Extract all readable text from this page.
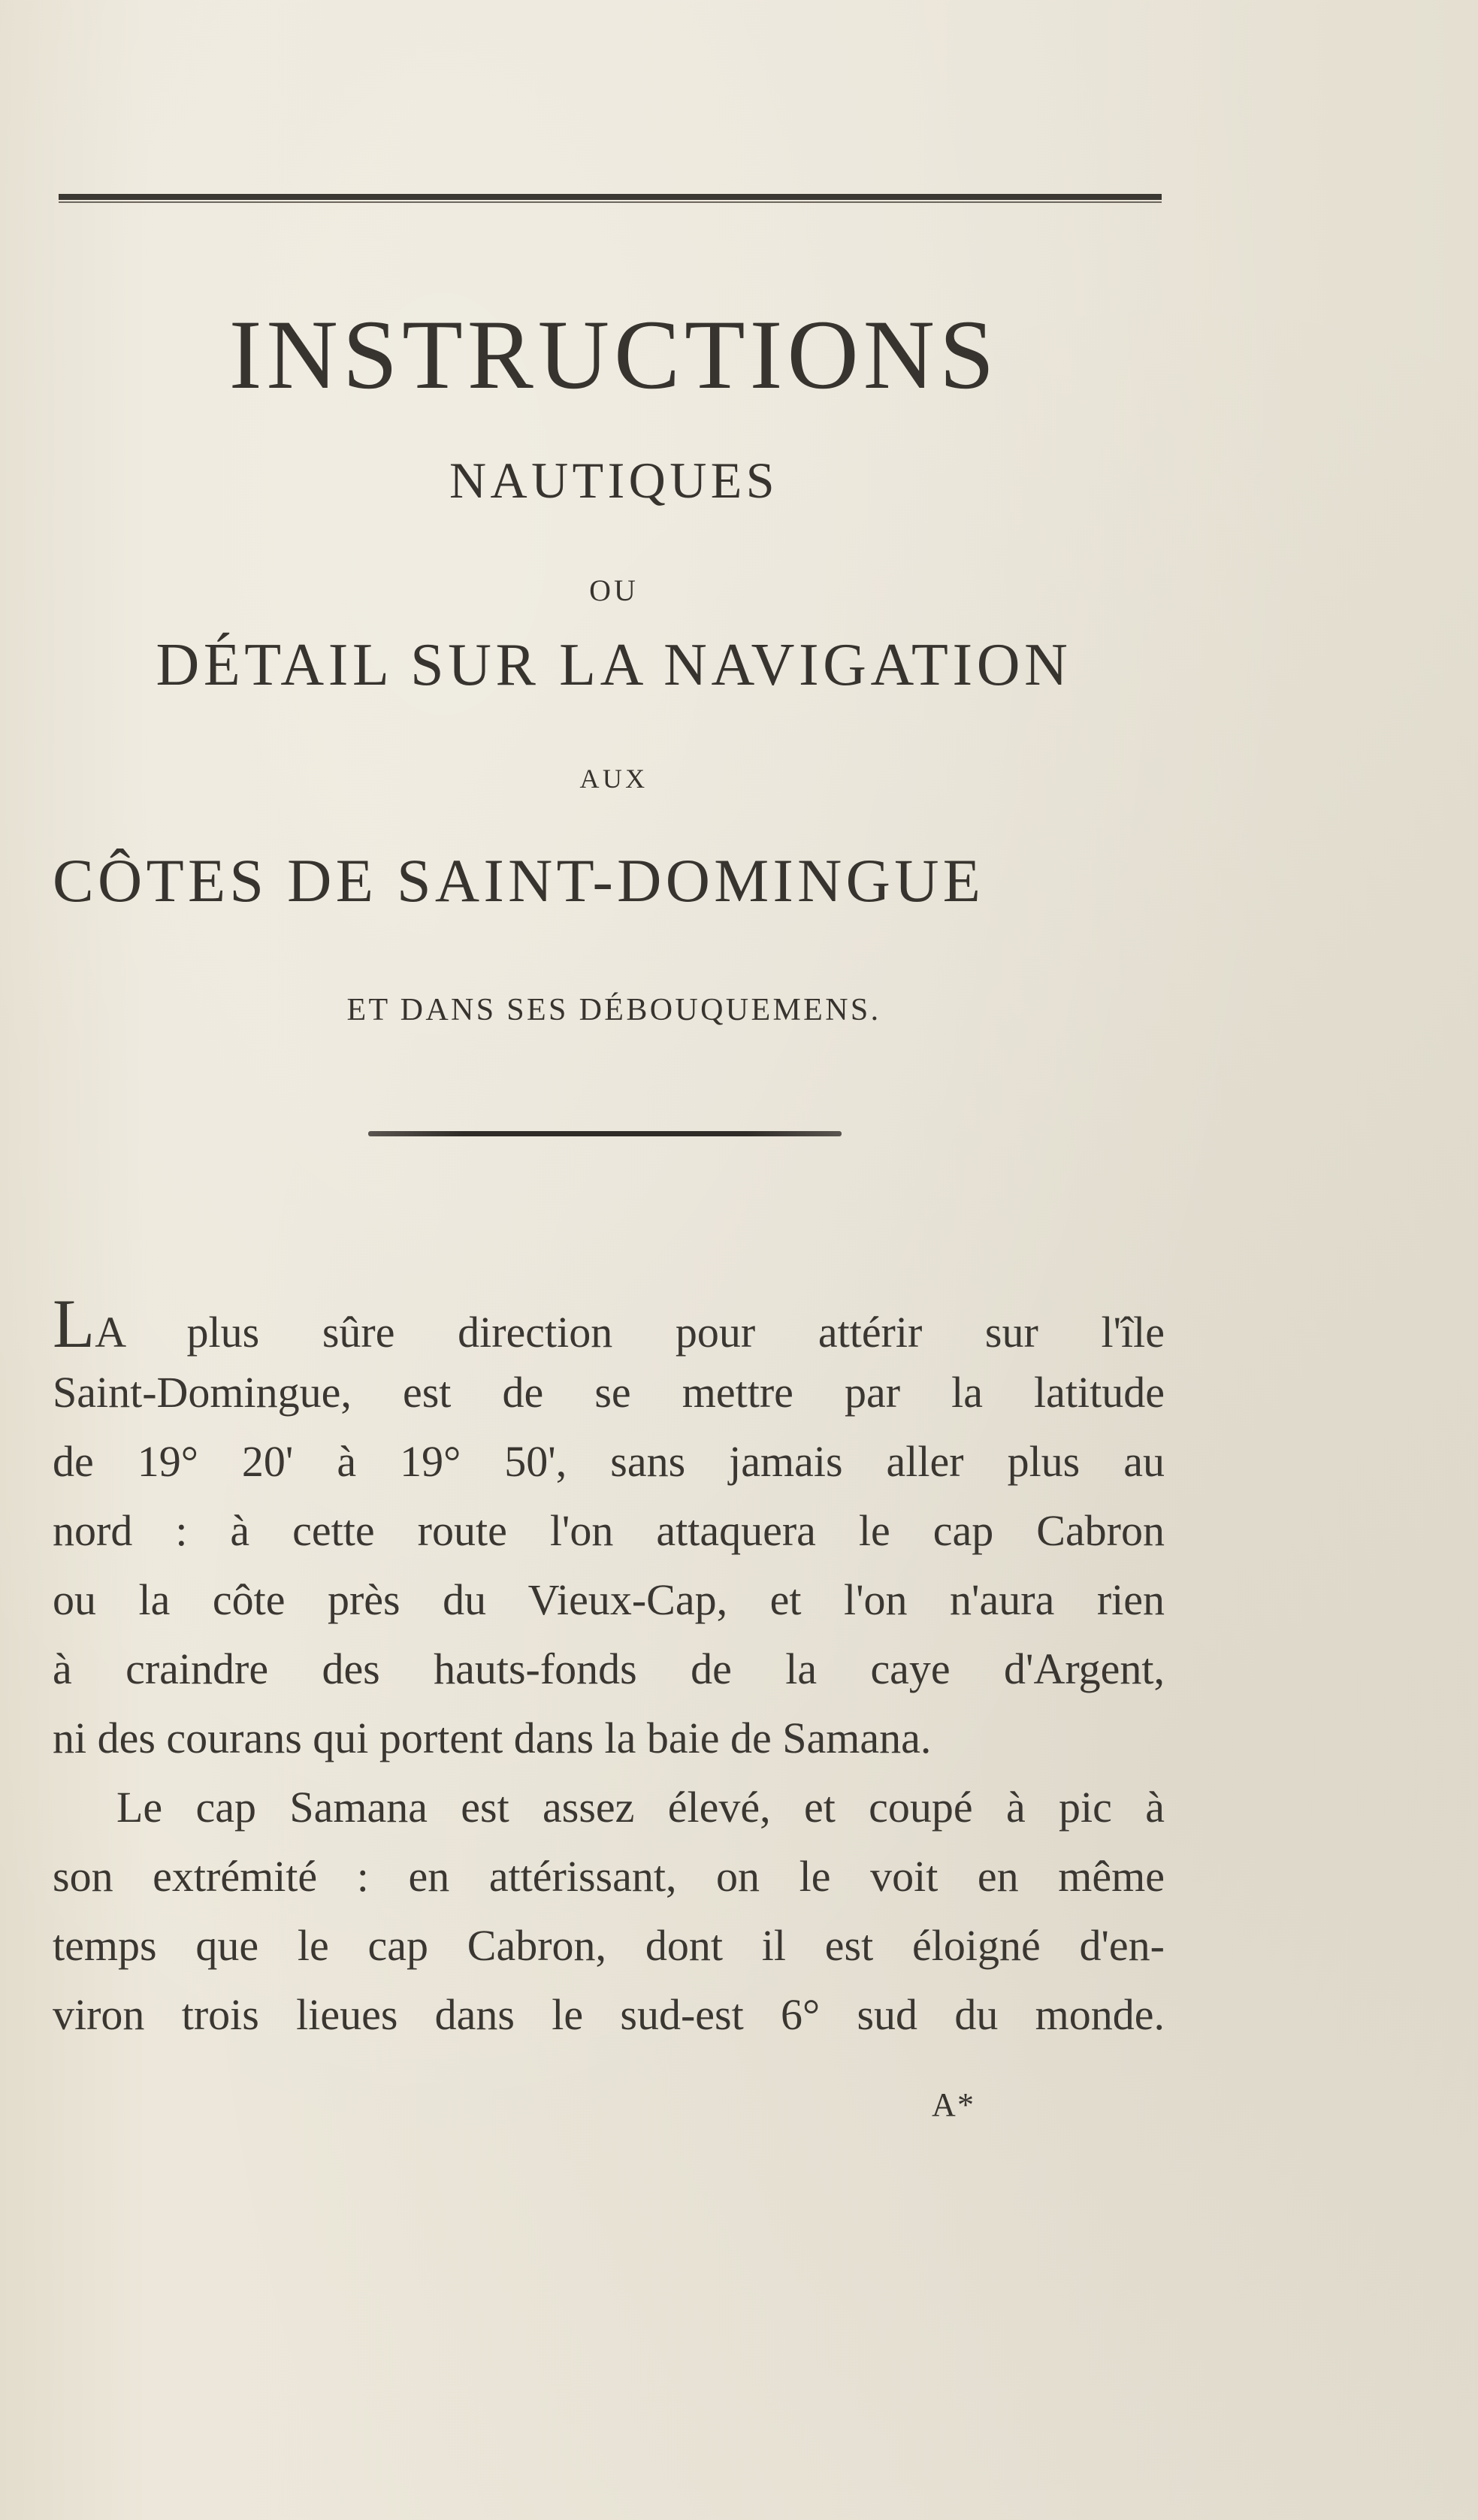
INSTRUCTIONS
NAUTIQUES
OU
DÉTAIL SUR LA NAVIGATION
AUX
CÔTES DE SAINT-DOMINGUE
ET DANS SES DÉBOUQUEMENS.
LA plus sûre direction pour attérir sur l'île
Saint-Domingue, est de se mettre par la latitude
de 19° 20' à 19° 50', sans jamais aller plus au
nord : à cette route l'on attaquera le cap Cabron
ou la côte près du Vieux-Cap, et l'on n'aura rien
à craindre des hauts-fonds de la caye d'Argent,
ni des courans qui portent dans la baie de Samana.
Le cap Samana est assez élevé, et coupé à pic à
son extrémité : en attérissant, on le voit en même
temps que le cap Cabron, dont il est éloigné d'en-
viron trois lieues dans le sud-est 6° sud du monde.
A*
